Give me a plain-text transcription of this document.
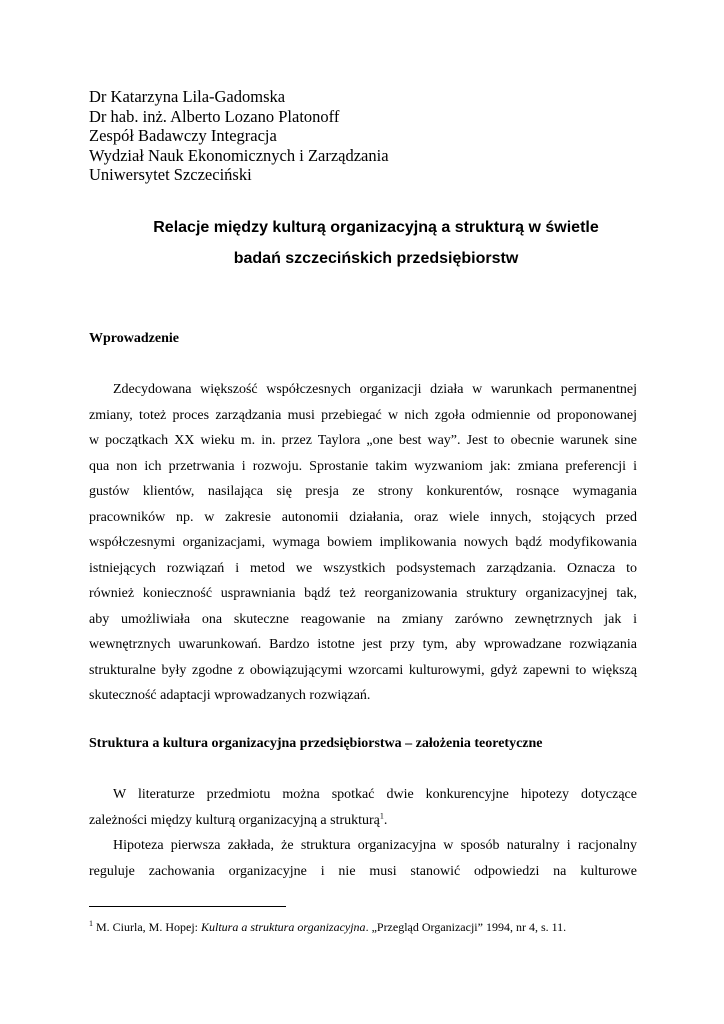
Dr Katarzyna Lila-Gadomska
Dr hab. inż. Alberto Lozano Platonoff
Zespół Badawczy Integracja
Wydział Nauk Ekonomicznych i Zarządzania
Uniwersytet Szczeciński
Relacje między kulturą organizacyjną a strukturą w świetle
badań szczecińskich przedsiębiorstw
Wprowadzenie
Zdecydowana większość współczesnych organizacji działa w warunkach permanentnej
zmiany, toteż proces zarządzania musi przebiegać w nich zgoła odmiennie od proponowanej
w początkach XX wieku m. in. przez Taylora „one best way”. Jest to obecnie warunek sine
qua non ich przetrwania i rozwoju. Sprostanie takim wyzwaniom jak: zmiana preferencji i
gustów klientów, nasilająca się presja ze strony konkurentów, rosnące wymagania
pracowników np. w zakresie autonomii działania, oraz wiele innych, stojących przed
współczesnymi organizacjami, wymaga bowiem implikowania nowych bądź modyfikowania
istniejących rozwiązań i metod we wszystkich podsystemach zarządzania. Oznacza to
również konieczność usprawniania bądź też reorganizowania struktury organizacyjnej tak,
aby umożliwiała ona skuteczne reagowanie na zmiany zarówno zewnętrznych jak i
wewnętrznych uwarunkowań. Bardzo istotne jest przy tym, aby wprowadzane rozwiązania
strukturalne były zgodne z obowiązującymi wzorcami kulturowymi, gdyż zapewni to większą
skuteczność adaptacji wprowadzanych rozwiązań.
Struktura a kultura organizacyjna przedsiębiorstwa – założenia teoretyczne
W literaturze przedmiotu można spotkać dwie konkurencyjne hipotezy dotyczące
zależności między kulturą organizacyjną a strukturą$^1$.
Hipoteza pierwsza zakłada, że struktura organizacyjna w sposób naturalny i racjonalny
reguluje zachowania organizacyjne i nie musi stanowić odpowiedzi na kulturowe
$^1$ M. Ciurla, M. Hopej: Kultura a struktura organizacyjna. „Przegląd Organizacji” 1994, nr 4, s. 11.
